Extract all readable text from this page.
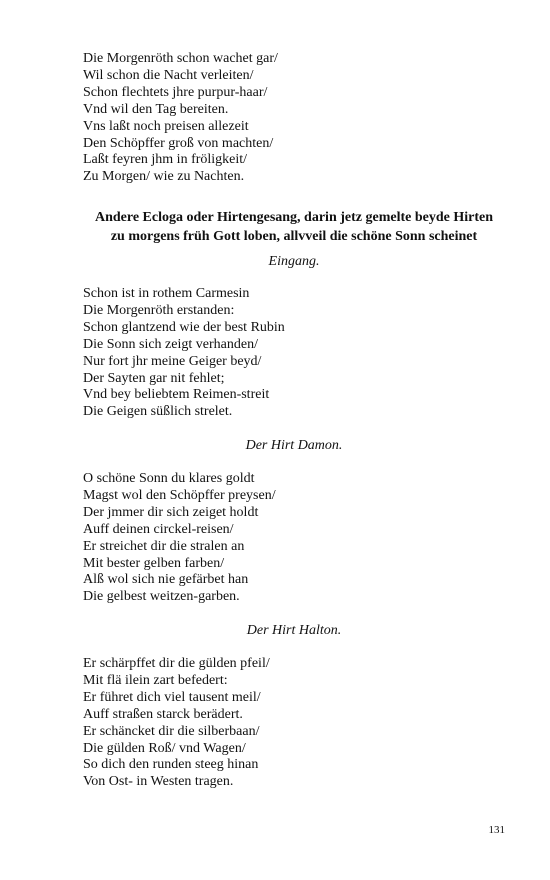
Die Morgenröth schon wachet gar/
Wil schon die Nacht verleiten/
Schon flechtets jhre purpur-haar/
Vnd wil den Tag bereiten.
Vns laßt noch preisen allezeit
Den Schöpffer groß von machten/
Laßt feyren jhm in fröligkeit/
Zu Morgen/ wie zu Nachten.
Andere Ecloga oder Hirtengesang, darin jetz gemelte beyde Hirten
zu morgens früh Gott loben, allvveil die schöne Sonn scheinet
Eingang.
Schon ist in rothem Carmesin
Die Morgenröth erstanden:
Schon glantzend wie der best Rubin
Die Sonn sich zeigt verhanden/
Nur fort jhr meine Geiger beyd/
Der Sayten gar nit fehlet;
Vnd bey beliebtem Reimen-streit
Die Geigen süßlich strelet.
Der Hirt Damon.
O schöne Sonn du klares goldt
Magst wol den Schöpffer preysen/
Der jmmer dir sich zeiget holdt
Auff deinen circkel-reisen/
Er streichet dir die stralen an
Mit bester gelben farben/
Alß wol sich nie gefärbet han
Die gelbest weitzen-garben.
Der Hirt Halton.
Er schärpffet dir die gülden pfeil/
Mit flä ilein zart befedert:
Er führet dich viel tausent meil/
Auff straßen starck berädert.
Er schäncket dir die silberbaan/
Die gülden Roß/ vnd Wagen/
So dich den runden steeg hinan
Von Ost- in Westen tragen.
131
